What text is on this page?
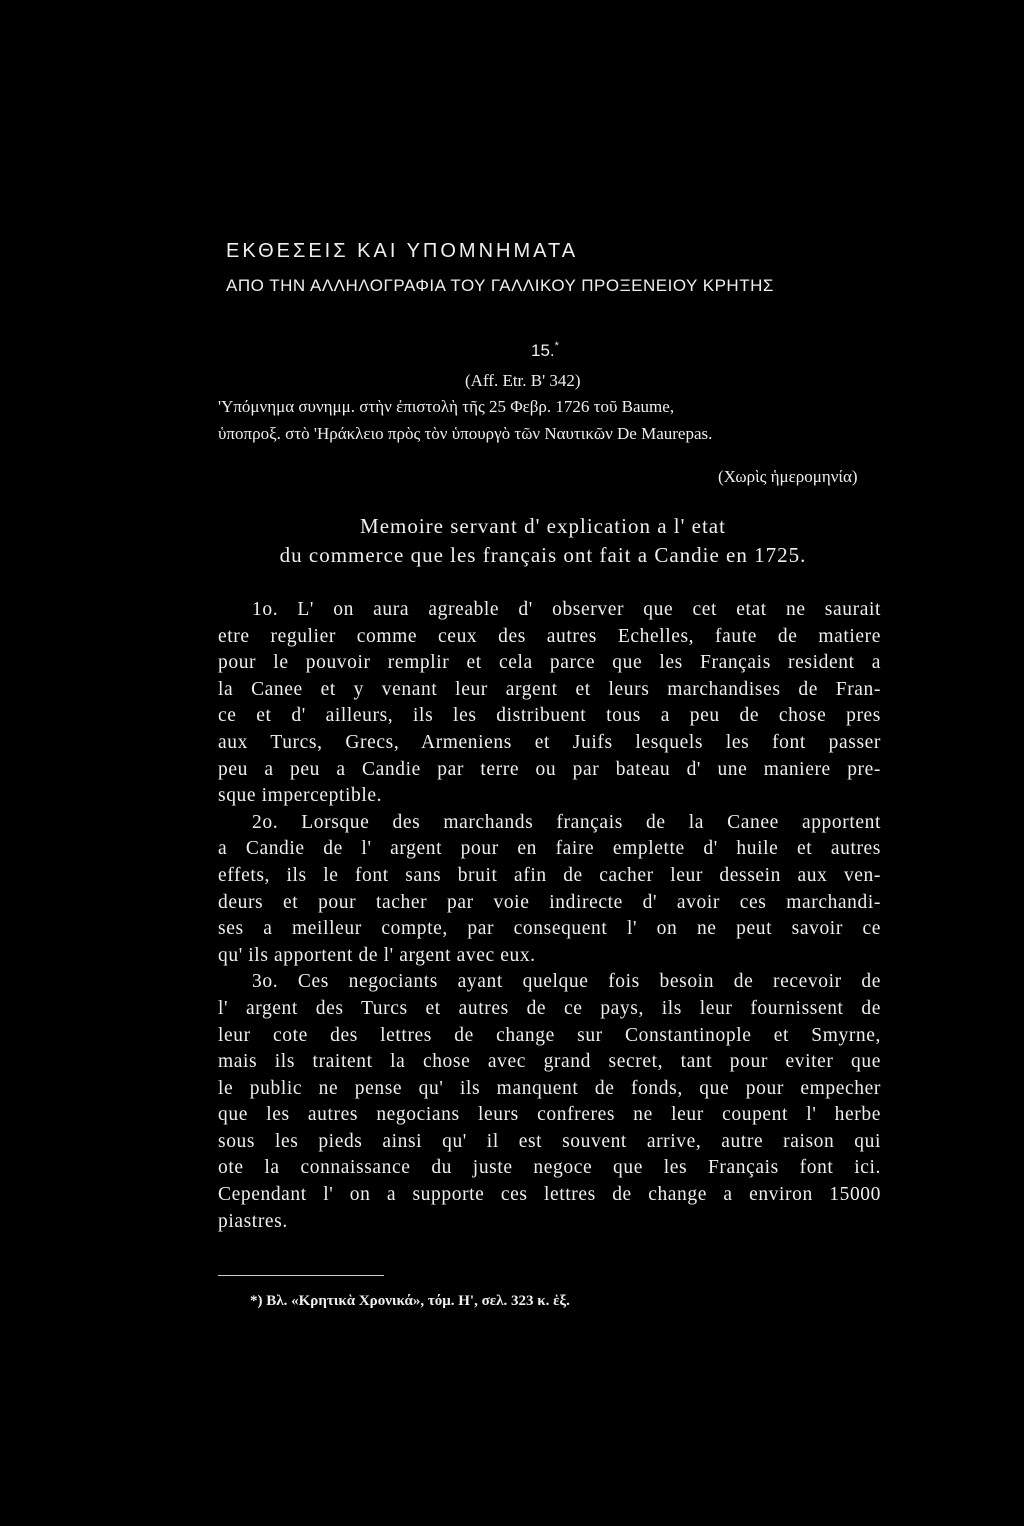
ΕΚΘΕΣΕΙΣ ΚΑΙ ΥΠΟΜΝΗΜΑΤΑ
ΑΠΟ ΤΗΝ ΑΛΛΗΛΟΓΡΑΦΙΑ ΤΟΥ ΓΑΛΛΙΚΟΥ ΠΡΟΞΕΝΕΙΟΥ ΚΡΗΤΗΣ
15.*
(Aff. Etr. B' 342)
'Υπόμνημα συνημμ. στὴν ἐπιστολὴ τῆς 25 Φεβρ. 1726 τοῦ Baume,
ὑποπροξ. στὸ 'Ηράκλειο πρὸς τὸν ὑπουργὸ τῶν Ναυτικῶν De Maurepas.
(Χωρὶς ἡμερομηνία)
Memoire servant d' explication a l' etat
du commerce que les français ont fait a Candie en 1725.
1o. L' on aura agreable d' observer que cet etat ne saurait
etre regulier comme ceux des autres Echelles, faute de matiere
pour le pouvoir remplir et cela parce que les Français resident a
la Canee et y venant leur argent et leurs marchandises de Fran-
ce et d' ailleurs, ils les distribuent tous a peu de chose pres
aux Turcs, Grecs, Armeniens et Juifs lesquels les font passer
peu a peu a Candie par terre ou par bateau d' une maniere pre-
sque imperceptible.
2o. Lorsque des marchands français de la Canee apportent
a Candie de l' argent pour en faire emplette d' huile et autres
effets, ils le font sans bruit afin de cacher leur dessein aux ven-
deurs et pour tacher par voie indirecte d' avoir ces marchandi-
ses a meilleur compte, par consequent l' on ne peut savoir ce
qu' ils apportent de l' argent avec eux.
3o. Ces negociants ayant quelque fois besoin de recevoir de
l' argent des Turcs et autres de ce pays, ils leur fournissent de
leur cote des lettres de change sur Constantinople et Smyrne,
mais ils traitent la chose avec grand secret, tant pour eviter que
le public ne pense qu' ils manquent de fonds, que pour empecher
que les autres negocians leurs confreres ne leur coupent l' herbe
sous les pieds ainsi qu' il est souvent arrive, autre raison qui
ote la connaissance du juste negoce que les Français font ici.
Cependant l' on a supporte ces lettres de change a environ 15000
piastres.
*) Βλ. «Κρητικὰ Χρονικά», τόμ. Η', σελ. 323 κ. ἑξ.
